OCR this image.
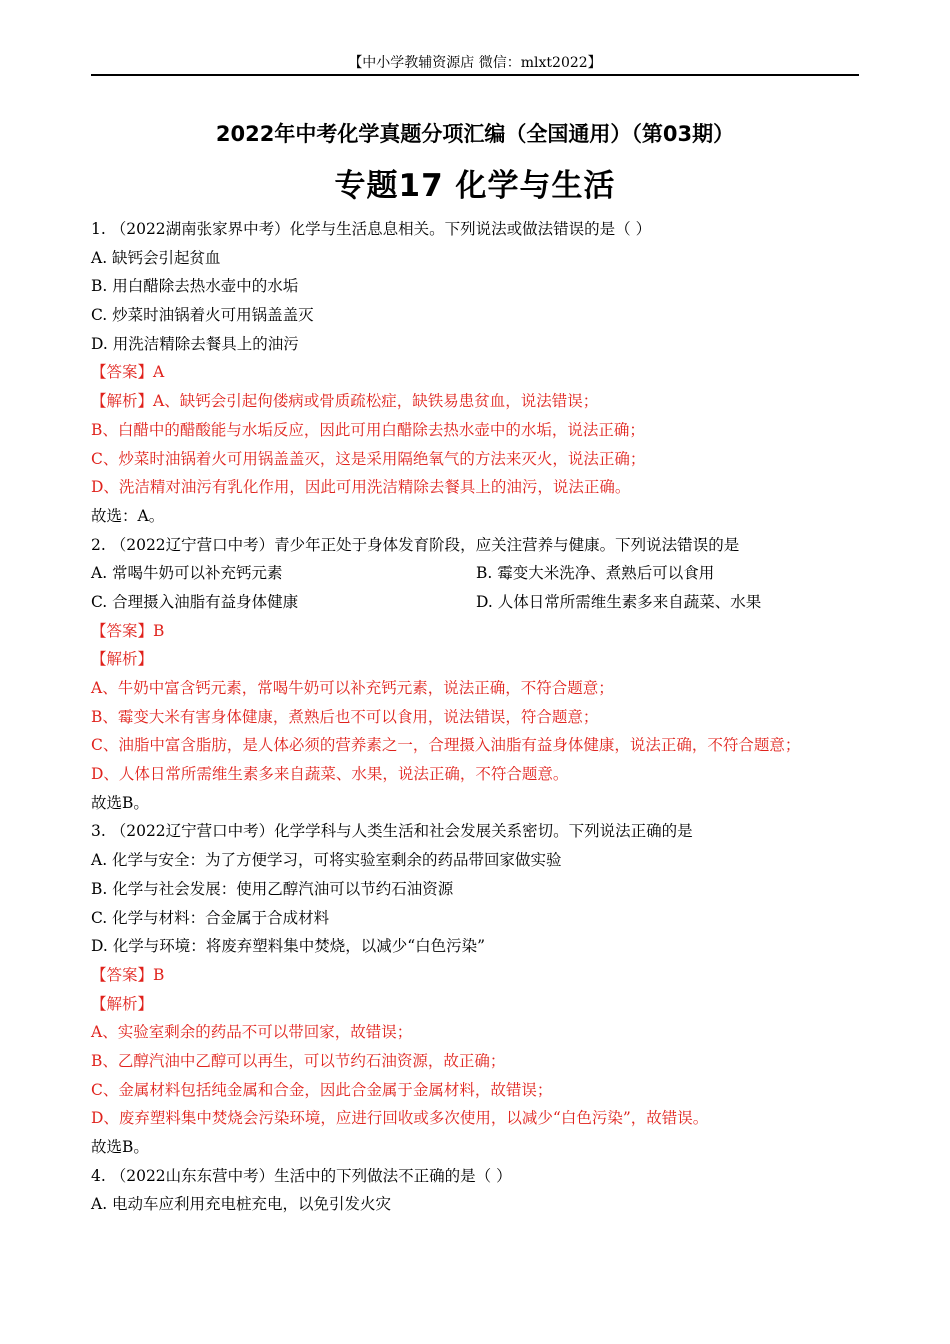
【中小学教辅资源店 微信：mlxt2022】
2022年中考化学真题分项汇编（全国通用）（第03期）
专题17 化学与生活
1. （2022湖南张家界中考）化学与生活息息相关。下列说法或做法错误的是（ ）
A. 缺钙会引起贫血
B. 用白醋除去热水壶中的水垢
C. 炒菜时油锅着火可用锅盖盖灭
D. 用洗洁精除去餐具上的油污
【答案】A
【解析】A、缺钙会引起佝偻病或骨质疏松症，缺铁易患贫血，说法错误；
B、白醋中的醋酸能与水垢反应，因此可用白醋除去热水壶中的水垢，说法正确；
C、炒菜时油锅着火可用锅盖盖灭，这是采用隔绝氧气的方法来灭火，说法正确；
D、洗洁精对油污有乳化作用，因此可用洗洁精除去餐具上的油污，说法正确。
故选：A。
2. （2022辽宁营口中考）青少年正处于身体发育阶段，应关注营养与健康。下列说法错误的是
A. 常喝牛奶可以补充钙元素	B. 霉变大米洗净、煮熟后可以食用
C. 合理摄入油脂有益身体健康	D. 人体日常所需维生素多来自蔬菜、水果
【答案】B
【解析】
A、牛奶中富含钙元素，常喝牛奶可以补充钙元素，说法正确，不符合题意；
B、霉变大米有害身体健康，煮熟后也不可以食用，说法错误，符合题意；
C、油脂中富含脂肪，是人体必须的营养素之一，合理摄入油脂有益身体健康，说法正确，不符合题意；
D、人体日常所需维生素多来自蔬菜、水果，说法正确，不符合题意。
故选B。
3. （2022辽宁营口中考）化学学科与人类生活和社会发展关系密切。下列说法正确的是
A. 化学与安全：为了方便学习，可将实验室剩余的药品带回家做实验
B. 化学与社会发展：使用乙醇汽油可以节约石油资源
C. 化学与材料：合金属于合成材料
D. 化学与环境：将废弃塑料集中焚烧，以减少“白色污染”
【答案】B
【解析】
A、实验室剩余的药品不可以带回家，故错误；
B、乙醇汽油中乙醇可以再生，可以节约石油资源，故正确；
C、金属材料包括纯金属和合金，因此合金属于金属材料，故错误；
D、废弃塑料集中焚烧会污染环境，应进行回收或多次使用，以减少“白色污染”，故错误。
故选B。
4. （2022山东东营中考）生活中的下列做法不正确的是（ ）
A. 电动车应利用充电桩充电，以免引发火灾
